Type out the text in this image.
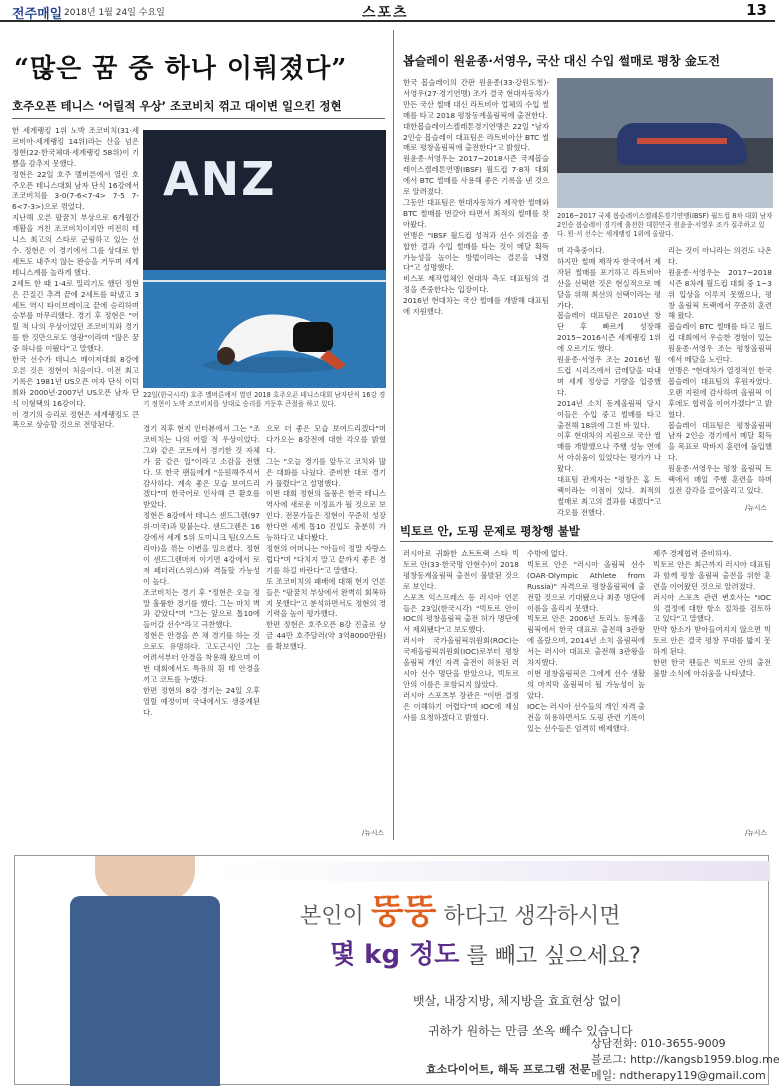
전주매일 2018년 1월 24일 수요일	스포츠	13
“많은 꿈 중 하나 이뤄졌다”
호주오픈 테니스 ‘어릴적 우상’ 조코비치 꺾고 대이변 일으킨 정현
한 세계랭킹 1위 노박 조코비치(31·세르비아·세계랭킹 14위)라는 산을 넘은 정현(22·한국체대·세계랭킹 58위)이 기쁨을 감추지 못했다.
정현은 22일 호주 멜버른에서 열린 호주오픈 테니스대회 남자 단식 16강에서 조코비치를 3-0(7-6<7-4> 7-5 7-6<7-3>)으로 꺾었다.
지난해 오른 팔꿈치 부상으로 6개월간 재활을 거친 조코비치이지만 여전히 테니스 최고의 스타로 군림하고 있는 선수. 정현은 이 경기에서 그를 상대로 한 세트도 내주지 않는 완승을 거두며 세계 테니스계를 놀라게 했다.
2세트 한 때 1-4로 밀리기도 했던 정현은 끈질긴 추격 끝에 2세트를 따냈고 3세트 역시 타이브레이크 끝에 승리하며 승부를 마무리했다. 경기 후 정현은 "어릴 적 나의 우상이었던 조코비치와 경기를 한 것만으로도 영광"이라며 "많은 꿈 중 하나를 이뤘다"고 말했다.
한국 선수가 테니스 메이저대회 8강에 오른 것은 정현이 처음이다. 이전 최고 기록은 1981년 US오픈 여자 단식 이덕희와 2000년·2007년 US오픈 남자 단식 이형택의 16강이다.
이 경기의 승리로 정현은 세계랭킹도 큰 폭으로 상승할 것으로 전망된다.
ANZ
22일(한국시각) 호주 멜버른에서 열린 2018 호주오픈 테니스대회 남자단식 16강 경기 정현이 노박 조코비치를 상대로 승리를 거둔후 큰절을 하고 있다.
경기 직후 현지 인터뷰에서 그는 "조코비치는 나의 어릴 적 우상이었다. 그와 같은 코트에서 경기한 것 자체가 꿈 같은 일"이라고 소감을 전했다. 또 한국 팬들에게 "응원해주셔서 감사하다. 계속 좋은 모습 보여드리겠다"며 한국어로 인사해 큰 환호를 받았다.
정현은 8강에서 테니스 샌드그렌(97위·미국)과 맞붙는다. 샌드그렌은 16강에서 세계 5위 도미니크 팀(오스트리아)을 꺾는 이변을 일으켰다. 정현이 샌드그렌마저 이기면 4강에서 로저 페더러(스위스)와 격돌할 가능성이 높다.
조코비치는 경기 후 "정현은 오늘 정말 훌륭한 경기를 했다. 그는 마치 벽과 같았다"며 "그는 앞으로 톱10에 들어갈 선수"라고 극찬했다.
정현은 안경을 쓴 채 경기를 하는 것으로도 유명하다. 고도근시인 그는 어려서부터 안경을 착용해 왔으며 이번 대회에서도 특유의 흰 테 안경을 끼고 코트를 누볐다.
한편 정현의 8강 경기는 24일 오후 열릴 예정이며 국내에서도 생중계된다.
으로 더 좋은 모습 보여드리겠다"며 다가오는 8강전에 대한 각오를 밝혔다.
그는 "오늘 경기를 앞두고 코치와 많은 대화를 나눴다. 준비한 대로 경기가 풀렸다"고 설명했다.
이번 대회 정현의 돌풍은 한국 테니스 역사에 새로운 이정표가 될 것으로 보인다. 전문가들은 정현이 꾸준히 성장한다면 세계 톱10 진입도 충분히 가능하다고 내다봤다.
정현의 어머니는 "아들이 정말 자랑스럽다"며 "다치지 말고 끝까지 좋은 경기를 하길 바란다"고 말했다.
또 조코비치의 패배에 대해 현지 언론들은 "팔꿈치 부상에서 완벽히 회복하지 못했다"고 분석하면서도 정현의 경기력을 높이 평가했다.
한편 정현은 호주오픈 8강 진출로 상금 44만 호주달러(약 3억8000만원)를 확보했다.
/뉴시스
봅슬레이 원윤종·서영우, 국산 대신 수입 썰매로 평창 金도전
한국 봅슬레이의 간판 원윤종(33·강원도청)-서영우(27·경기연맹) 조가 결국 현대자동차가 만든 국산 썰매 대신 라트비아 업체의 수입 썰매를 타고 2018 평창동계올림픽에 출전한다.
대한봅슬레이스켈레톤경기연맹은 22일 "남자 2인승 봅슬레이 대표팀은 라트비아산 BTC 썰매로 평창올림픽에 출전한다"고 밝혔다.
원윤종·서영우는 2017~2018시즌 국제봅슬레이스켈레톤연맹(IBSF) 월드컵 7·8차 대회에서 BTC 썰매를 사용해 좋은 기록을 낸 것으로 알려졌다.
그동안 대표팀은 현대자동차가 제작한 썰매와 BTC 썰매를 번갈아 타면서 최적의 썰매를 찾아왔다.
연맹은 "IBSF 월드컵 성적과 선수 의견을 종합한 결과 수입 썰매를 타는 것이 메달 획득 가능성을 높이는 방법이라는 결론을 내렸다"고 설명했다.
비스포 제작업체인 현대차 측도 대표팀의 결정을 존중한다는 입장이다.
2016년 현대차는 국산 썰매를 개발해 대표팀에 지원했다.
2016~2017 국제 봅슬레이스켈레톤경기연맹(IBSF) 월드컵 8차 대회 남자 2인승 봅슬레이 경기에 출전한 대한민국 원윤종·서영우 조가 질주하고 있다. 원·서 선수는 세계랭킹 1위에 올랐다.
며 각축중이다.
하지만 썰매 제작자 한국에서 제작된 썰매를 포기하고 라트비아산을 선택한 것은 현실적으로 메달을 위해 최선의 선택이라는 평가다.
봅슬레이 대표팀은 2010년 창단 후 빠르게 성장해 2015~2016시즌 세계랭킹 1위에 오르기도 했다.
원윤종·서영우 조는 2016년 월드컵 시리즈에서 금메달을 따내며 세계 정상급 기량을 입증했다.
2014년 소치 동계올림픽 당시 이들은 수입 중고 썰매를 타고 출전해 18위에 그친 바 있다.
이후 현대차의 지원으로 국산 썰매를 개발했으나 주행 성능 면에서 아쉬움이 있었다는 평가가 나왔다.
대표팀 관계자는 "평창은 홈 트랙이라는 이점이 있다. 최적의 썰매로 최고의 결과를 내겠다"고 각오를 전했다.
리는 것이 아니라는 의견도 나온다.
원윤종·서영우는 2017~2018시즌 8차례 월드컵 대회 중 1~3위 입상을 이루지 못했으나, 평창 올림픽 트랙에서 꾸준히 훈련해 왔다.
봅슬레이 BTC 썰매를 타고 월드컵 대회에서 우승한 경험이 있는 원윤종·서영우 조는 평창올림픽에서 메달을 노린다.
연맹은 "현대차가 열정적인 한국 봅슬레이 대표팀의 후원자였다. 오랜 지원에 감사하며 올림픽 이후에도 협력을 이어가겠다"고 밝혔다.
봅슬레이 대표팀은 평창올림픽 남자 2인승 경기에서 메달 획득을 목표로 막바지 훈련에 돌입했다.
원윤종·서영우는 평창 올림픽 트랙에서 매일 주행 훈련을 하며 실전 감각을 끌어올리고 있다.
/뉴시스
빅토르 안, 도핑 문제로 평창행 불발
러시아로 귀화한 쇼트트랙 스타 빅토르 안(33·한국명 안현수)이 2018 평창동계올림픽 출전이 불발된 것으로 보인다.
스포츠 익스프레스 등 러시아 언론들은 23일(한국시각) "빅토르 안이 IOC의 평창올림픽 출전 허가 명단에서 제외됐다"고 보도했다.
러시아 국가올림픽위원회(ROC)는 국제올림픽위원회(IOC)로부터 평창올림픽 개인 자격 출전이 허용된 러시아 선수 명단을 받았으나, 빅토르 안의 이름은 포함되지 않았다.
러시아 스포츠부 장관은 "이번 결정은 이해하기 어렵다"며 IOC에 재심사를 요청하겠다고 밝혔다.
수밖에 없다.
빅토르 안은 "러시아 올림픽 선수(OAR·Olympic Athlete from Russia)" 자격으로 평창올림픽에 출전할 것으로 기대됐으나 최종 명단에 이름을 올리지 못했다.
빅토르 안은 2006년 토리노 동계올림픽에서 한국 대표로 출전해 3관왕에 올랐으며, 2014년 소치 올림픽에서는 러시아 대표로 출전해 3관왕을 차지했다.
이번 평창올림픽은 그에게 선수 생활의 마지막 올림픽이 될 가능성이 높았다.
IOC는 러시아 선수들의 개인 자격 출전을 허용하면서도 도핑 관련 기록이 있는 선수들은 엄격히 배제했다.
제주 경제협력 준비하자.
빅토르 안은 최근까지 러시아 대표팀과 함께 평창 올림픽 출전을 위한 훈련을 이어왔던 것으로 알려졌다.
러시아 스포츠 관련 변호사는 "IOC의 결정에 대한 항소 절차를 검토하고 있다"고 말했다.
만약 항소가 받아들여지지 않으면 빅토르 안은 결국 평창 무대를 밟지 못하게 된다.
한편 한국 팬들은 빅토르 안의 출전 불발 소식에 아쉬움을 나타냈다.
/뉴시스
본인이 뚱뚱 하다고 생각하시면
몇 kg 정도 를 빼고 싶으세요?
뱃살, 내장지방, 체지방을 효효현상 없이
귀하가 원하는 만큼 쏘옥 빼수 있습니다
효소다이어트, 해독 프로그램 전문
상담전화: 010-3655-9009
블로그: http://kangsb1959.blog.me
메일: ndtherapy119@gmail.com
